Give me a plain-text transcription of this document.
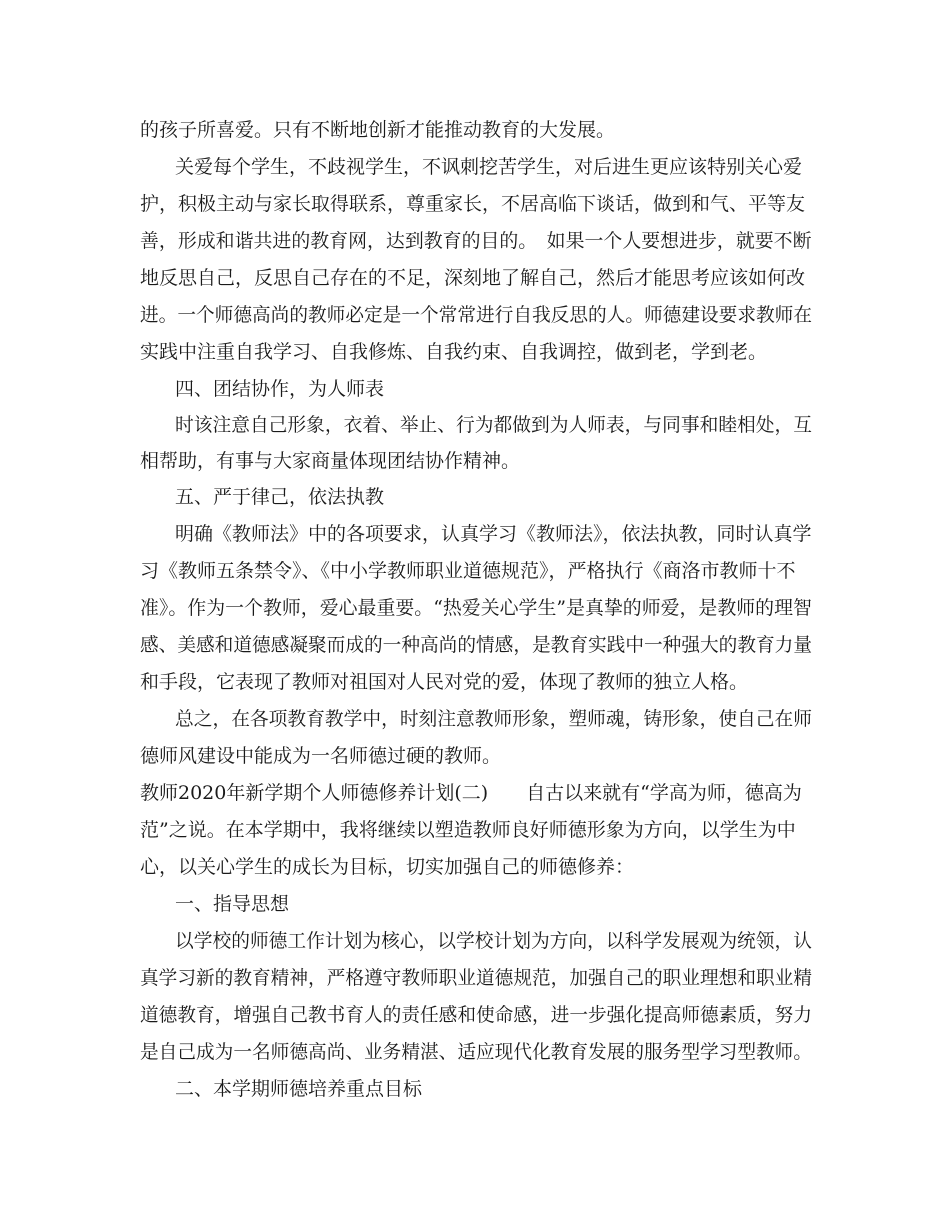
的孩子所喜爱。只有不断地创新才能推动教育的大发展。
关爱每个学生，不歧视学生，不讽刺挖苦学生，对后进生更应该特别关心爱
护，积极主动与家长取得联系，尊重家长，不居高临下谈话，做到和气、平等友
善，形成和谐共进的教育网，达到教育的目的。　如果一个人要想进步，就要不断
地反思自己，反思自己存在的不足，深刻地了解自己，然后才能思考应该如何改
进。一个师德高尚的教师必定是一个常常进行自我反思的人。师德建设要求教师在
实践中注重自我学习、自我修炼、自我约束、自我调控，做到老，学到老。
四、团结协作，为人师表
时该注意自己形象，衣着、举止、行为都做到为人师表，与同事和睦相处，互
相帮助，有事与大家商量体现团结协作精神。
五、严于律己，依法执教
明确《教师法》中的各项要求，认真学习《教师法》，依法执教，同时认真学
习《教师五条禁令》、《中小学教师职业道德规范》，严格执行《商洛市教师十不
准》。作为一个教师，爱心最重要。“热爱关心学生”是真挚的师爱，是教师的理智
感、美感和道德感凝聚而成的一种高尚的情感，是教育实践中一种强大的教育力量
和手段，它表现了教师对祖国对人民对党的爱，体现了教师的独立人格。
总之，在各项教育教学中，时刻注意教师形象，塑师魂，铸形象，使自己在师
德师风建设中能成为一名师德过硬的教师。
教师2020年新学期个人师德修养计划(二)　　自古以来就有“学高为师，德高为
范”之说。在本学期中，我将继续以塑造教师良好师德形象为方向，以学生为中
心，以关心学生的成长为目标，切实加强自己的师德修养：
一、指导思想
以学校的师德工作计划为核心，以学校计划为方向，以科学发展观为统领，认
真学习新的教育精神，严格遵守教师职业道德规范，加强自己的职业理想和职业精
道德教育，增强自己教书育人的责任感和使命感，进一步强化提高师德素质，努力
是自己成为一名师德高尚、业务精湛、适应现代化教育发展的服务型学习型教师。
二、本学期师德培养重点目标
